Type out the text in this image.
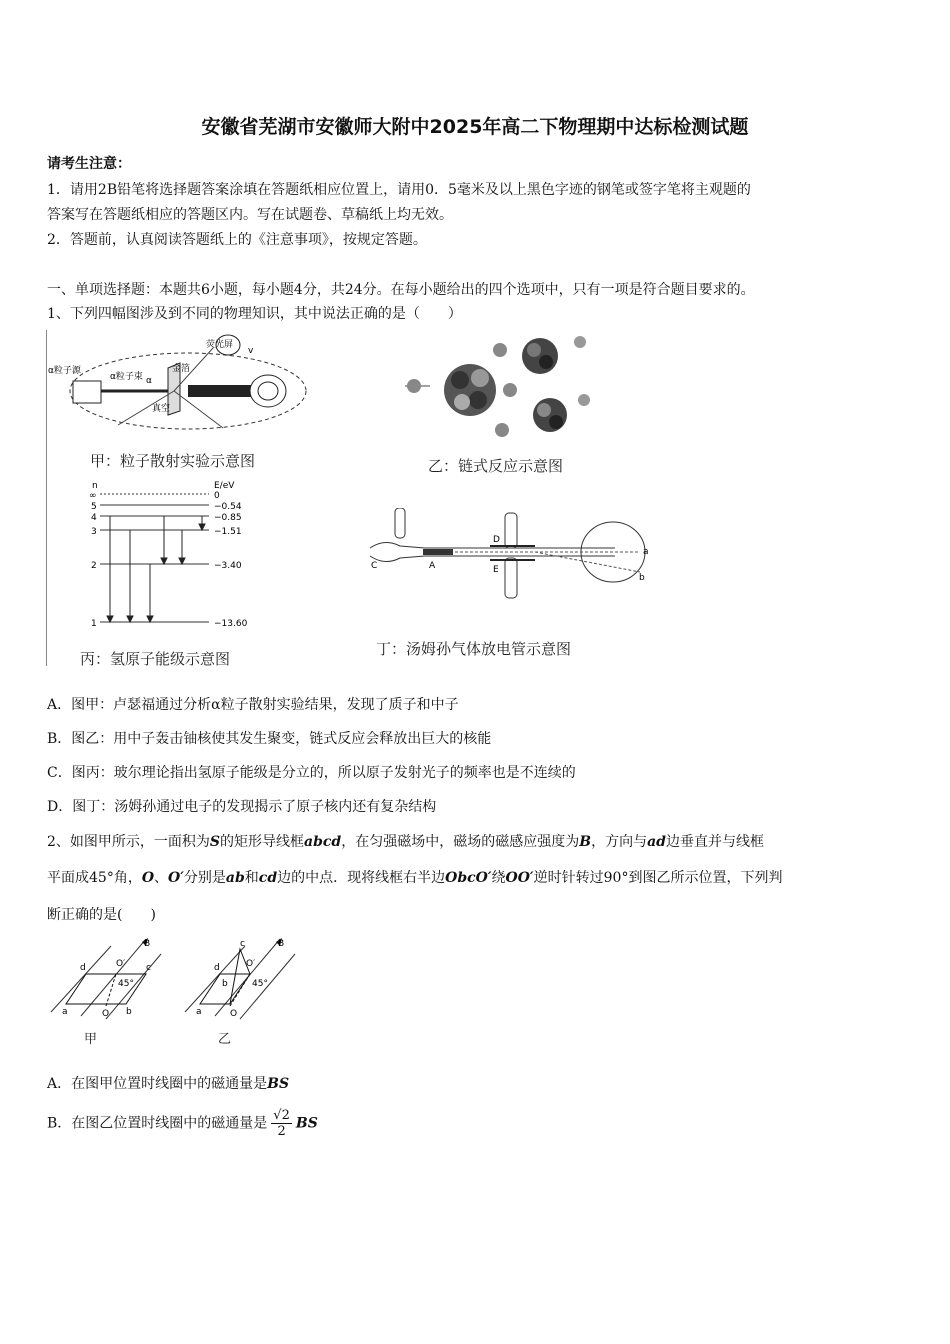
安徽省芜湖市安徽师大附中2025年高二下物理期中达标检测试题
请考生注意：
1．请用2B铅笔将选择题答案涂填在答题纸相应位置上，请用0．5毫米及以上黑色字迹的钢笔或签字笔将主观题的
答案写在答题纸相应的答题区内。写在试题卷、草稿纸上均无效。
2．答题前，认真阅读答题纸上的《注意事项》，按规定答题。
一、单项选择题：本题共6小题，每小题4分，共24分。在每小题给出的四个选项中，只有一项是符合题目要求的。
1、下列四幅图涉及到不同的物理知识，其中说法正确的是（　　）
α粒子源
荧光屏
α粒子束
金箔
真空
α
v
甲：粒子散射实验示意图	乙：链式反应示意图
n	E/eV
∞
5
4
3
2
1
0
−0.54
−0.85
−1.51
−3.40
−13.60
丙：氢原子能级示意图
C	A
D
E
a
b
丁：汤姆孙气体放电管示意图
A．图甲：卢瑟福通过分析α粒子散射实验结果，发现了质子和中子
B．图乙：用中子轰击铀核使其发生聚变，链式反应会释放出巨大的核能
C．图丙：玻尔理论指出氢原子能级是分立的，所以原子发射光子的频率也是不连续的
D．图丁：汤姆孙通过电子的发现揭示了原子核内还有复杂结构
2、如图甲所示，一面积为S的矩形导线框abcd，在匀强磁场中，磁场的磁感应强度为B，方向与ad边垂直并与线框
平面成45°角，O、O′分别是ab和cd边的中点．现将线框右半边ObcO′绕OO′逆时针转过90°到图乙所示位置，下列判
断正确的是(　　)
B
d	c
a	b
O
O′
45°
甲
B
d
c
a
b
O
O′
45°
乙
A．在图甲位置时线圈中的磁通量是BS
B．在图乙位置时线圈中的磁通量是 $\frac{√2}{2}$ BS
